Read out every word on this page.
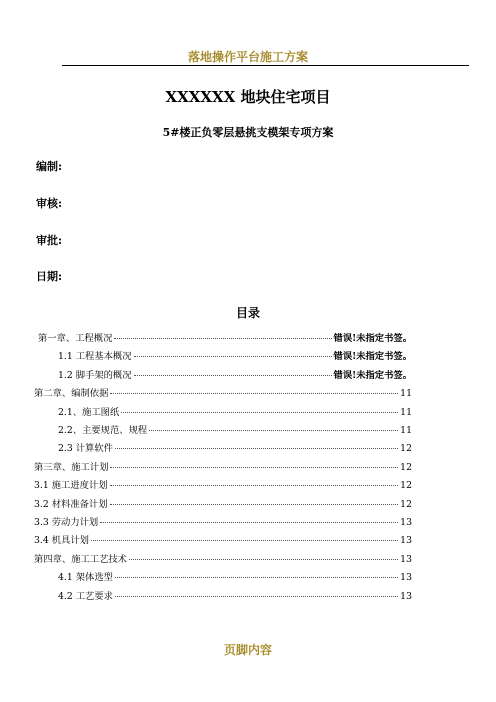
落地操作平台施工方案
XXXXXX 地块住宅项目
5#楼正负零层悬挑支模架专项方案
编制:
审核:
审批:
日期:
目录
第一章、工程概况	错误!未指定书签。
1.1 工程基本概况	错误!未指定书签。
1.2 脚手架的概况	错误!未指定书签。
第二章、编制依据	11
2.1、施工图纸	11
2.2、主要规范、规程	11
2.3 计算软件	12
第三章、施工计划	12
3.1 施工进度计划	12
3.2 材料准备计划	12
3.3 劳动力计划	13
3.4 机具计划	13
第四章、施工工艺技术	13
4.1 架体选型	13
4.2 工艺要求	13
页脚内容
